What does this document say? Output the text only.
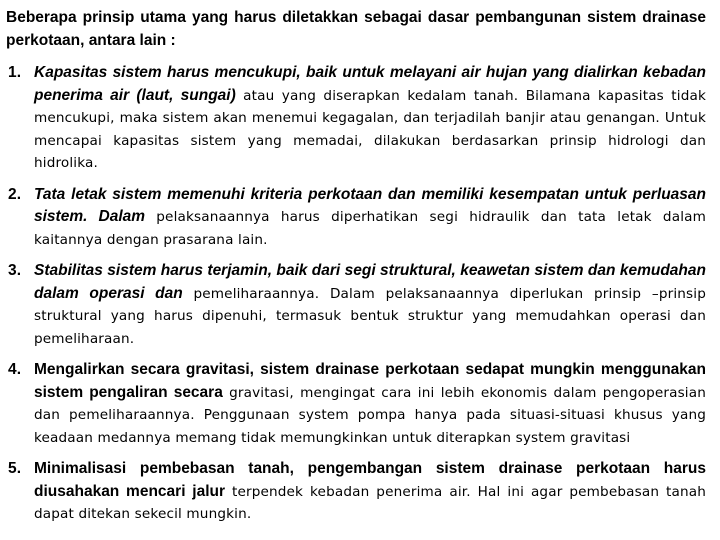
Beberapa prinsip utama yang harus diletakkan sebagai dasar pembangunan sistem drainase perkotaan, antara lain :

1. Kapasitas sistem harus mencukupi, baik untuk melayani air hujan yang dialirkan kebadan penerima air (laut, sungai) atau yang diserapkan kedalam tanah. Bilamana kapasitas tidak mencukupi, maka sistem akan menemui kegagalan, dan terjadilah banjir atau genangan. Untuk mencapai kapasitas sistem yang memadai, dilakukan berdasarkan prinsip hidrologi dan hidrolika.
2. Tata letak sistem memenuhi kriteria perkotaan dan memiliki kesempatan untuk perluasan sistem. Dalam pelaksanaannya harus diperhatikan segi hidraulik dan tata letak dalam kaitannya dengan prasarana lain.
3. Stabilitas sistem harus terjamin, baik dari segi struktural, keawetan sistem dan kemudahan dalam operasi dan pemeliharaannya. Dalam pelaksanaannya diperlukan prinsip –prinsip struktural yang harus dipenuhi, termasuk bentuk struktur yang memudahkan operasi dan pemeliharaan.
4. Mengalirkan secara gravitasi, sistem drainase perkotaan sedapat mungkin menggunakan sistem pengaliran secara gravitasi, mengingat cara ini lebih ekonomis dalam pengoperasian dan pemeliharaannya. Penggunaan system pompa hanya pada situasi-situasi khusus yang keadaan medannya memang tidak memungkinkan untuk diterapkan system gravitasi
5. Minimalisasi pembebasan tanah, pengembangan sistem drainase perkotaan harus diusahakan mencari jalur terpendek kebadan penerima air. Hal ini agar pembebasan tanah dapat ditekan sekecil mungkin.
